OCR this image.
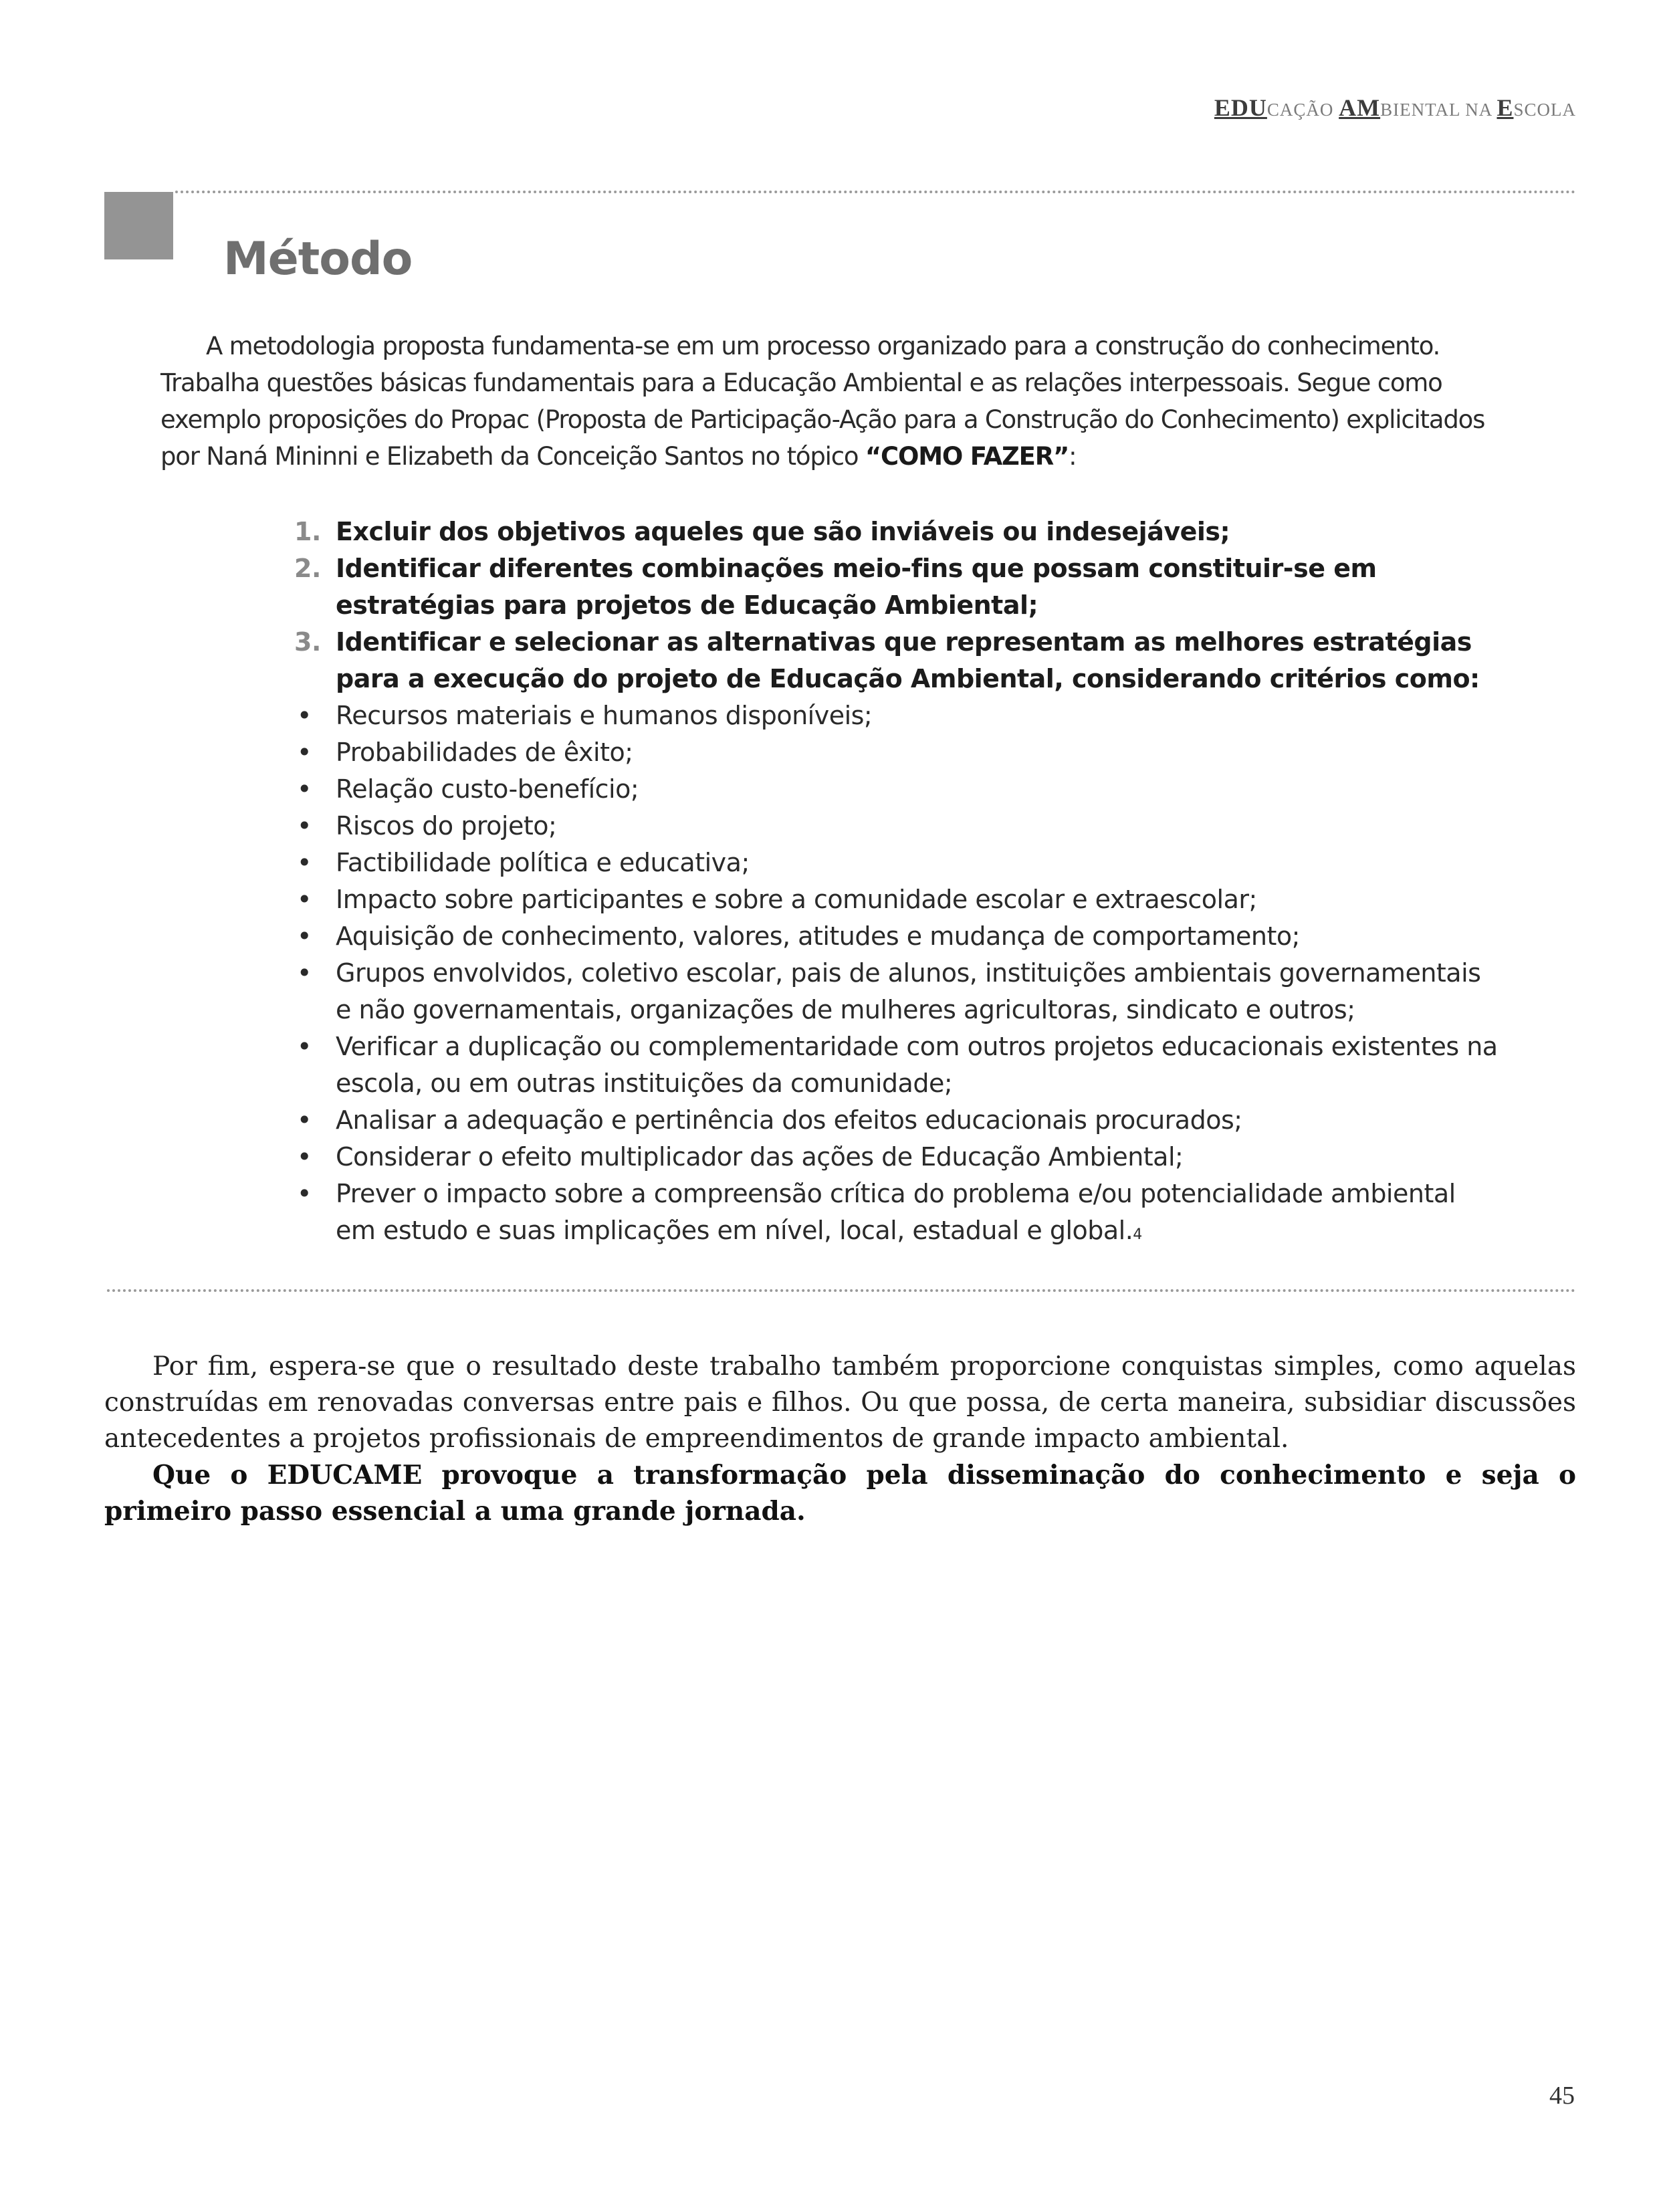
EDUCAÇÃO AMBIENTAL NA ESCOLA
Método

A metodologia proposta fundamenta-se em um processo organizado para a construção do conhecimento. Trabalha questões básicas fundamentais para a Educação Ambiental e as relações interpessoais. Segue como exemplo proposições do Propac (Proposta de Participação-Ação para a Construção do Conhecimento) explicitados por Naná Mininni e Elizabeth da Conceição Santos no tópico “COMO FAZER”:

1. Excluir dos objetivos aqueles que são inviáveis ou indesejáveis;
2. Identificar diferentes combinações meio-fins que possam constituir-se em estratégias para projetos de Educação Ambiental;
3. Identificar e selecionar as alternativas que representam as melhores estratégias para a execução do projeto de Educação Ambiental, considerando critérios como:
• Recursos materiais e humanos disponíveis;
• Probabilidades de êxito;
• Relação custo-benefício;
• Riscos do projeto;
• Factibilidade política e educativa;
• Impacto sobre participantes e sobre a comunidade escolar e extraescolar;
• Aquisição de conhecimento, valores, atitudes e mudança de comportamento;
• Grupos envolvidos, coletivo escolar, pais de alunos, instituições ambientais governamentais e não governamentais, organizações de mulheres agricultoras, sindicato e outros;
• Verificar a duplicação ou complementaridade com outros projetos educacionais existentes na escola, ou em outras instituições da comunidade;
• Analisar a adequação e pertinência dos efeitos educacionais procurados;
• Considerar o efeito multiplicador das ações de Educação Ambiental;
• Prever o impacto sobre a compreensão crítica do problema e/ou potencialidade ambiental em estudo e suas implicações em nível, local, estadual e global.4

Por fim, espera-se que o resultado deste trabalho também proporcione conquistas simples, como aquelas construídas em renovadas conversas entre pais e filhos. Ou que possa, de certa maneira, subsidiar discussões antecedentes a projetos profissionais de empreendimentos de grande impacto ambiental.

Que o EDUCAME provoque a transformação pela disseminação do conhecimento e seja o primeiro passo essencial a uma grande jornada.

45
